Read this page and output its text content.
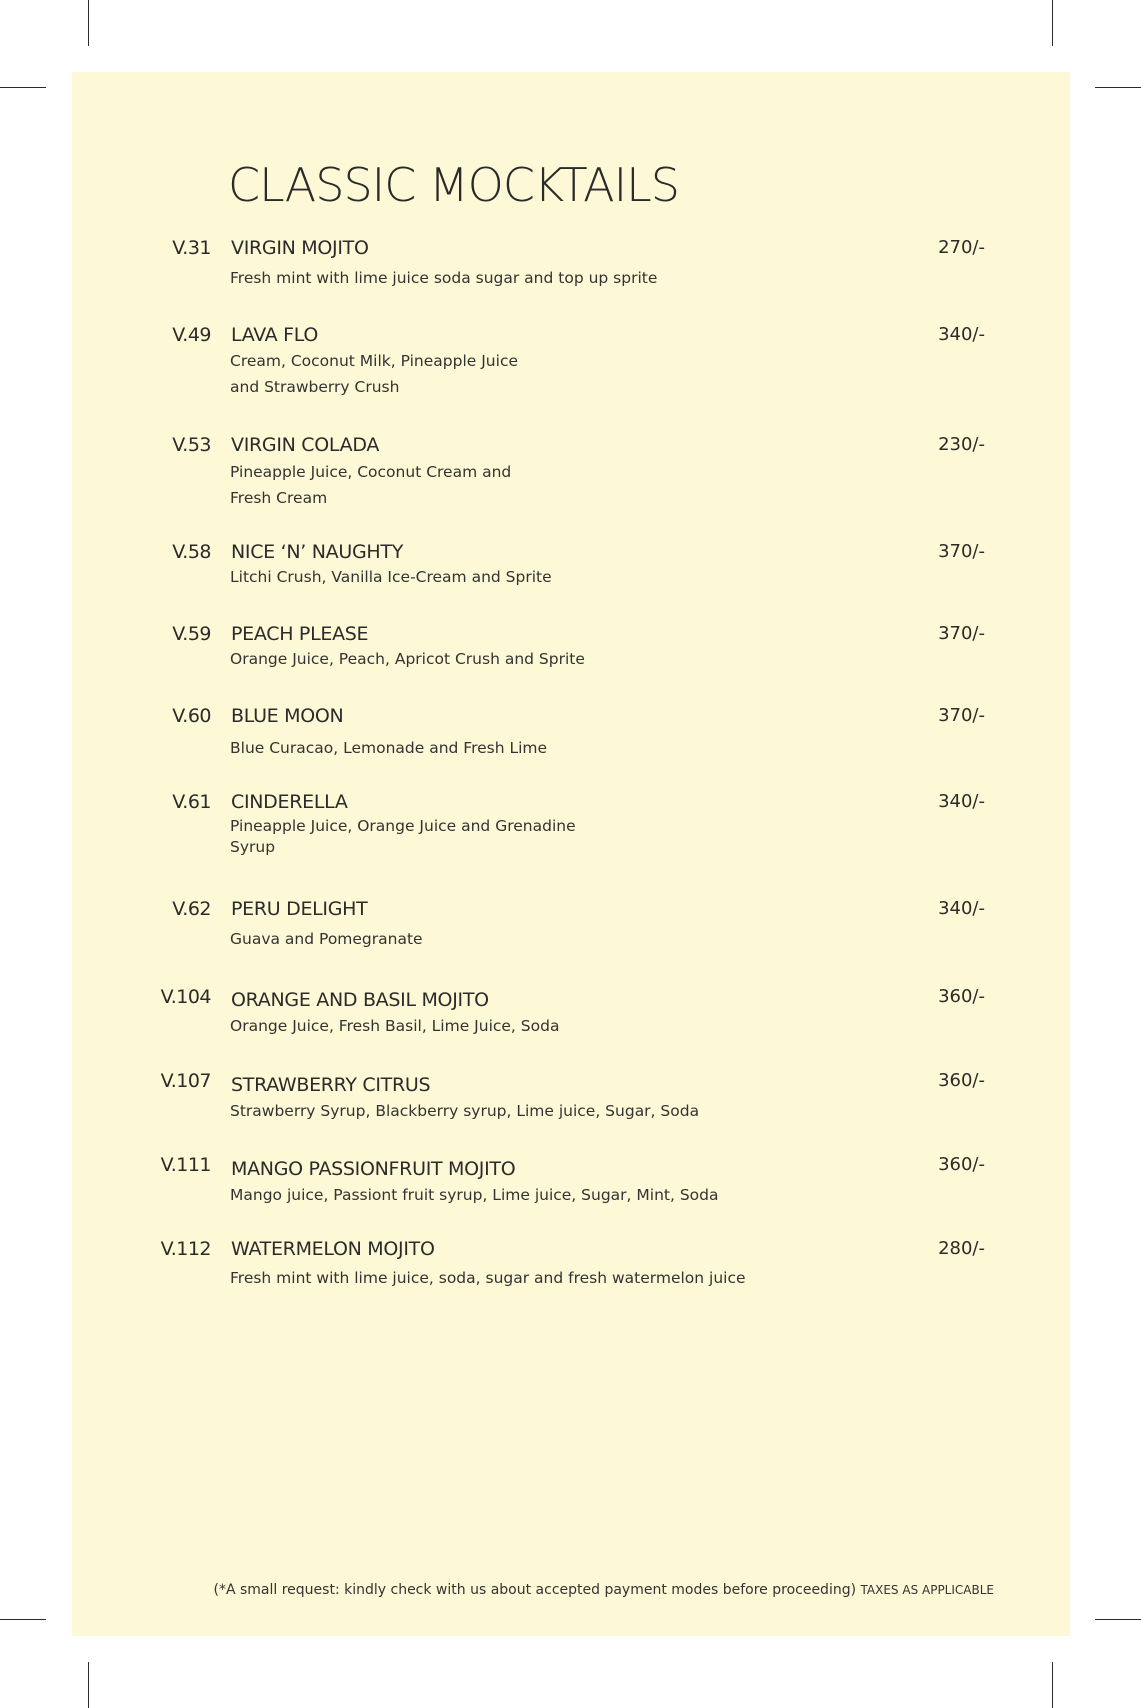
CLASSIC MOCKTAILS
V.31 VIRGIN MOJITO	270/-
Fresh mint with lime juice soda sugar and top up sprite
V.49 LAVA FLO	340/-
Cream, Coconut Milk, Pineapple Juice
and Strawberry Crush
V.53 VIRGIN COLADA	230/-
Pineapple Juice, Coconut Cream and
Fresh Cream
V.58 NICE ‘N’ NAUGHTY	370/-
Litchi Crush, Vanilla Ice-Cream and Sprite
V.59 PEACH PLEASE	370/-
Orange Juice, Peach, Apricot Crush and Sprite
V.60 BLUE MOON	370/-
Blue Curacao, Lemonade and Fresh Lime
V.61 CINDERELLA	340/-
Pineapple Juice, Orange Juice and Grenadine
Syrup
V.62 PERU DELIGHT	340/-
Guava and Pomegranate
V.104 ORANGE AND BASIL MOJITO	360/-
Orange Juice, Fresh Basil, Lime Juice, Soda
V.107 STRAWBERRY CITRUS	360/-
Strawberry Syrup, Blackberry syrup, Lime juice, Sugar, Soda
V.111 MANGO PASSIONFRUIT MOJITO	360/-
Mango juice, Passiont fruit syrup, Lime juice, Sugar, Mint, Soda
V.112 WATERMELON MOJITO	280/-
Fresh mint with lime juice, soda, sugar and fresh watermelon juice
(*A small request: kindly check with us about accepted payment modes before proceeding) TAXES AS APPLICABLE
